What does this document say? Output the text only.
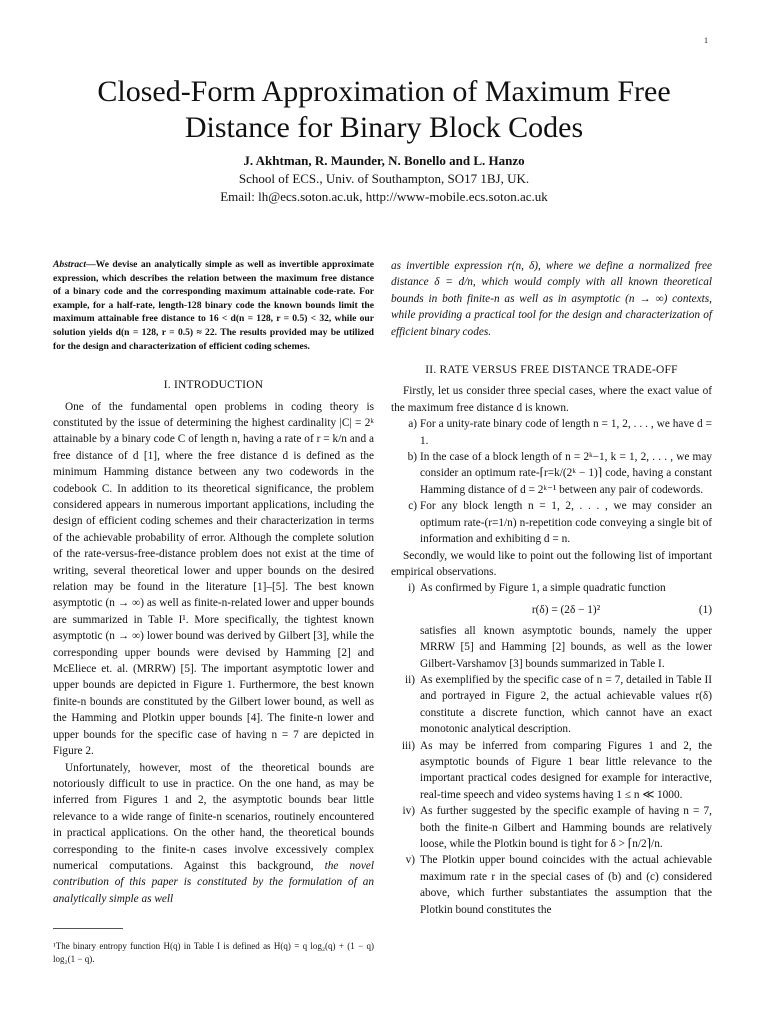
1
Closed-Form Approximation of Maximum Free
Distance for Binary Block Codes
J. Akhtman, R. Maunder, N. Bonello and L. Hanzo
School of ECS., Univ. of Southampton, SO17 1BJ, UK.
Email: lh@ecs.soton.ac.uk, http://www-mobile.ecs.soton.ac.uk

Abstract—We devise an analytically simple as well as invertible approximate expression, which describes the relation between the maximum free distance of a binary code and the corresponding maximum attainable code-rate. For example, for a half-rate, length-128 binary code the known bounds limit the maximum attainable free distance to 16 < d(n = 128, r = 0.5) < 32, while our solution yields d(n = 128, r = 0.5) ≈ 22. The results provided may be utilized for the design and characterization of efficient coding schemes.

I. INTRODUCTION

One of the fundamental open problems in coding theory is constituted by the issue of determining the highest cardinality |C| = 2ᵏ attainable by a binary code C of length n, having a rate of r = k/n and a free distance of d [1], where the free distance d is defined as the minimum Hamming distance between any two codewords in the codebook C. In addition to its theoretical significance, the problem considered appears in numerous important applications, including the design of efficient coding schemes and their characterization in terms of the achievable probability of error. Although the complete solution of the rate-versus-free-distance problem does not exist at the time of writing, several theoretical lower and upper bounds on the desired relation may be found in the literature [1]–[5]. The best known asymptotic (n → ∞) as well as finite-n-related lower and upper bounds are summarized in Table I¹. More specifically, the tightest known asymptotic (n → ∞) lower bound was derived by Gilbert [3], while the corresponding upper bounds were devised by Hamming [2] and McEliece et. al. (MRRW) [5]. The important asymptotic lower and upper bounds are depicted in Figure 1. Furthermore, the best known finite-n bounds are constituted by the Gilbert lower bound, as well as the Hamming and Plotkin upper bounds [4]. The finite-n lower and upper bounds for the specific case of having n = 7 are depicted in Figure 2.

Unfortunately, however, most of the theoretical bounds are notoriously difficult to use in practice. On the one hand, as may be inferred from Figures 1 and 2, the asymptotic bounds bear little relevance to a wide range of finite-n scenarios, routinely encountered in practical applications. On the other hand, the theoretical bounds corresponding to the finite-n cases involve excessively complex numerical computations. Against this background, the novel contribution of this paper is constituted by the formulation of an analytically simple as well

as invertible expression r(n, δ), where we define a normalized free distance δ = d/n, which would comply with all known theoretical bounds in both finite-n as well as in asymptotic (n → ∞) contexts, while providing a practical tool for the design and characterization of efficient binary codes.

II. RATE VERSUS FREE DISTANCE TRADE-OFF

Firstly, let us consider three special cases, where the exact value of the maximum free distance d is known.

a) For a unity-rate binary code of length n = 1, 2, . . . , we have d = 1.
b) In the case of a block length of n = 2ᵏ−1, k = 1, 2, . . . , we may consider an optimum rate-⌈r=k/(2ᵏ − 1)⌉ code, having a constant Hamming distance of d = 2ᵏ⁻¹ between any pair of codewords.
c) For any block length n = 1, 2, . . . , we may consider an optimum rate-(r=1/n) n-repetition code conveying a single bit of information and exhibiting d = n.

Secondly, we would like to point out the following list of important empirical observations.

i) As confirmed by Figure 1, a simple quadratic function
r(δ) = (2δ − 1)²	(1)
satisfies all known asymptotic bounds, namely the upper MRRW [5] and Hamming [2] bounds, as well as the lower Gilbert-Varshamov [3] bounds summarized in Table I.
ii) As exemplified by the specific case of n = 7, detailed in Table II and portrayed in Figure 2, the actual achievable values r(δ) constitute a discrete function, which cannot have an exact monotonic analytical description.
iii) As may be inferred from comparing Figures 1 and 2, the asymptotic bounds of Figure 1 bear little relevance to the important practical codes designed for example for interactive, real-time speech and video systems having 1 ≤ n ≪ 1000.
iv) As further suggested by the specific example of having n = 7, both the finite-n Gilbert and Hamming bounds are relatively loose, while the Plotkin bound is tight for δ > ⌈n/2⌉/n.
v) The Plotkin upper bound coincides with the actual achievable maximum rate r in the special cases of (b) and (c) considered above, which further substantiates the assumption that the Plotkin bound constitutes the
¹The binary entropy function H(q) in Table I is defined as H(q) = q log₂(q) + (1 − q) log₂(1 − q).
